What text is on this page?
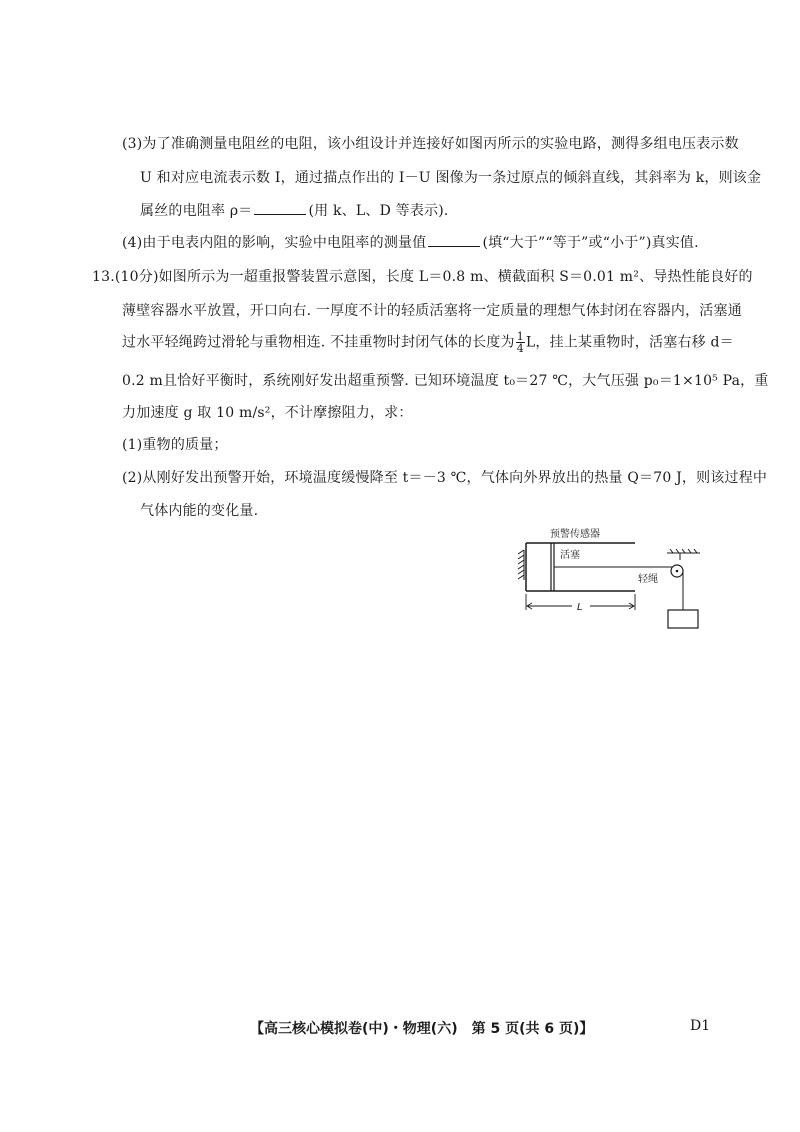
(3)为了准确测量电阻丝的电阻，该小组设计并连接好如图丙所示的实验电路，测得多组电压表示数
U 和对应电流表示数 I，通过描点作出的 I－U 图像为一条过原点的倾斜直线，其斜率为 k，则该金
属丝的电阻率 ρ＝	(用 k、L、D 等表示).
(4)由于电表内阻的影响，实验中电阻率的测量值	(填“大于”“等于”或“小于”)真实值.
13.(10分)如图所示为一超重报警装置示意图，长度 L＝0.8 m、横截面积 S＝0.01 m²、导热性能良好的
薄壁容器水平放置，开口向右. 一厚度不计的轻质活塞将一定质量的理想气体封闭在容器内，活塞通
过水平轻绳跨过滑轮与重物相连. 不挂重物时封闭气体的长度为 $\frac{1}{4}$ L，挂上某重物时，活塞右移 d＝
0.2 m且恰好平衡时，系统刚好发出超重预警. 已知环境温度 t₀＝27 ℃，大气压强 p₀＝1×10⁵ Pa，重
力加速度 g 取 10 m/s²，不计摩擦阻力，求：
(1)重物的质量；
(2)从刚好发出预警开始，环境温度缓慢降至 t＝－3 ℃，气体向外界放出的热量 Q＝70 J，则该过程中
气体内能的变化量.
L
预警传感器
活塞
轻绳
【高三核心模拟卷(中)・物理(六)　第 5 页(共 6 页)】	D1
